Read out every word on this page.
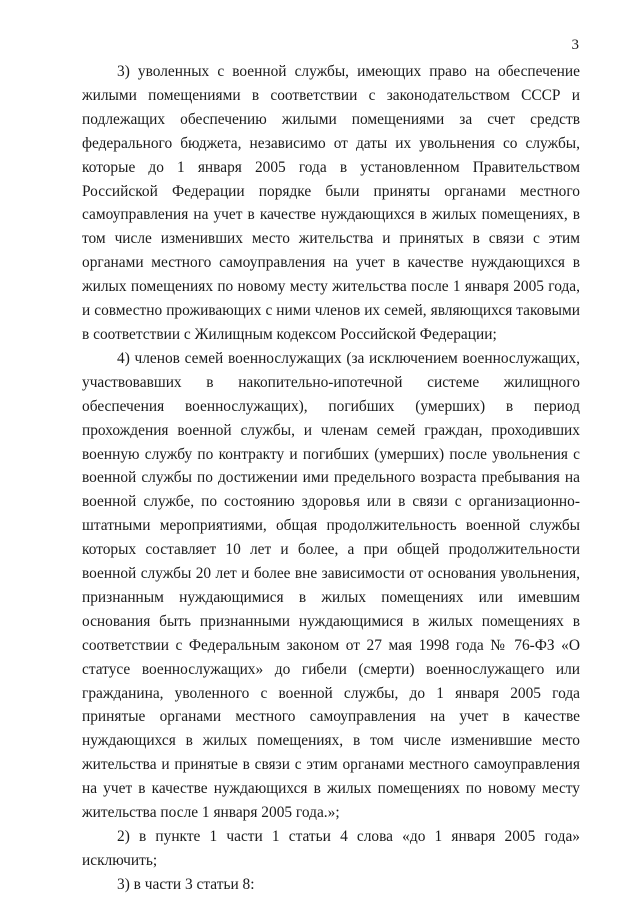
3

3) уволенных с военной службы, имеющих право на обеспечение жилыми помещениями в соответствии с законодательством СССР и подлежащих обеспечению жилыми помещениями за счет средств федерального бюджета, независимо от даты их увольнения со службы, которые до 1 января 2005 года в установленном Правительством Российской Федерации порядке были приняты органами местного самоуправления на учет в качестве нуждающихся в жилых помещениях, в том числе изменивших место жительства и принятых в связи с этим органами местного самоуправления на учет в качестве нуждающихся в жилых помещениях по новому месту жительства после 1 января 2005 года, и совместно проживающих с ними членов их семей, являющихся таковыми в соответствии с Жилищным кодексом Российской Федерации;

4) членов семей военнослужащих (за исключением военнослужащих, участвовавших в накопительно-ипотечной системе жилищного обеспечения военнослужащих), погибших (умерших) в период прохождения военной службы, и членам семей граждан, проходивших военную службу по контракту и погибших (умерших) после увольнения с военной службы по достижении ими предельного возраста пребывания на военной службе, по состоянию здоровья или в связи с организационно-штатными мероприятиями, общая продолжительность военной службы которых составляет 10 лет и более, а при общей продолжительности военной службы 20 лет и более вне зависимости от основания увольнения, признанным нуждающимися в жилых помещениях или имевшим основания быть признанными нуждающимися в жилых помещениях в соответствии с Федеральным законом от 27 мая 1998 года № 76-ФЗ «О статусе военнослужащих» до гибели (смерти) военнослужащего или гражданина, уволенного с военной службы, до 1 января 2005 года принятые органами местного самоуправления на учет в качестве нуждающихся в жилых помещениях, в том числе изменившие место жительства и принятые в связи с этим органами местного самоуправления на учет в качестве нуждающихся в жилых помещениях по новому месту жительства после 1 января 2005 года.»;

2) в пункте 1 части 1 статьи 4 слова «до 1 января 2005 года» исключить;

3) в части 3 статьи 8:
